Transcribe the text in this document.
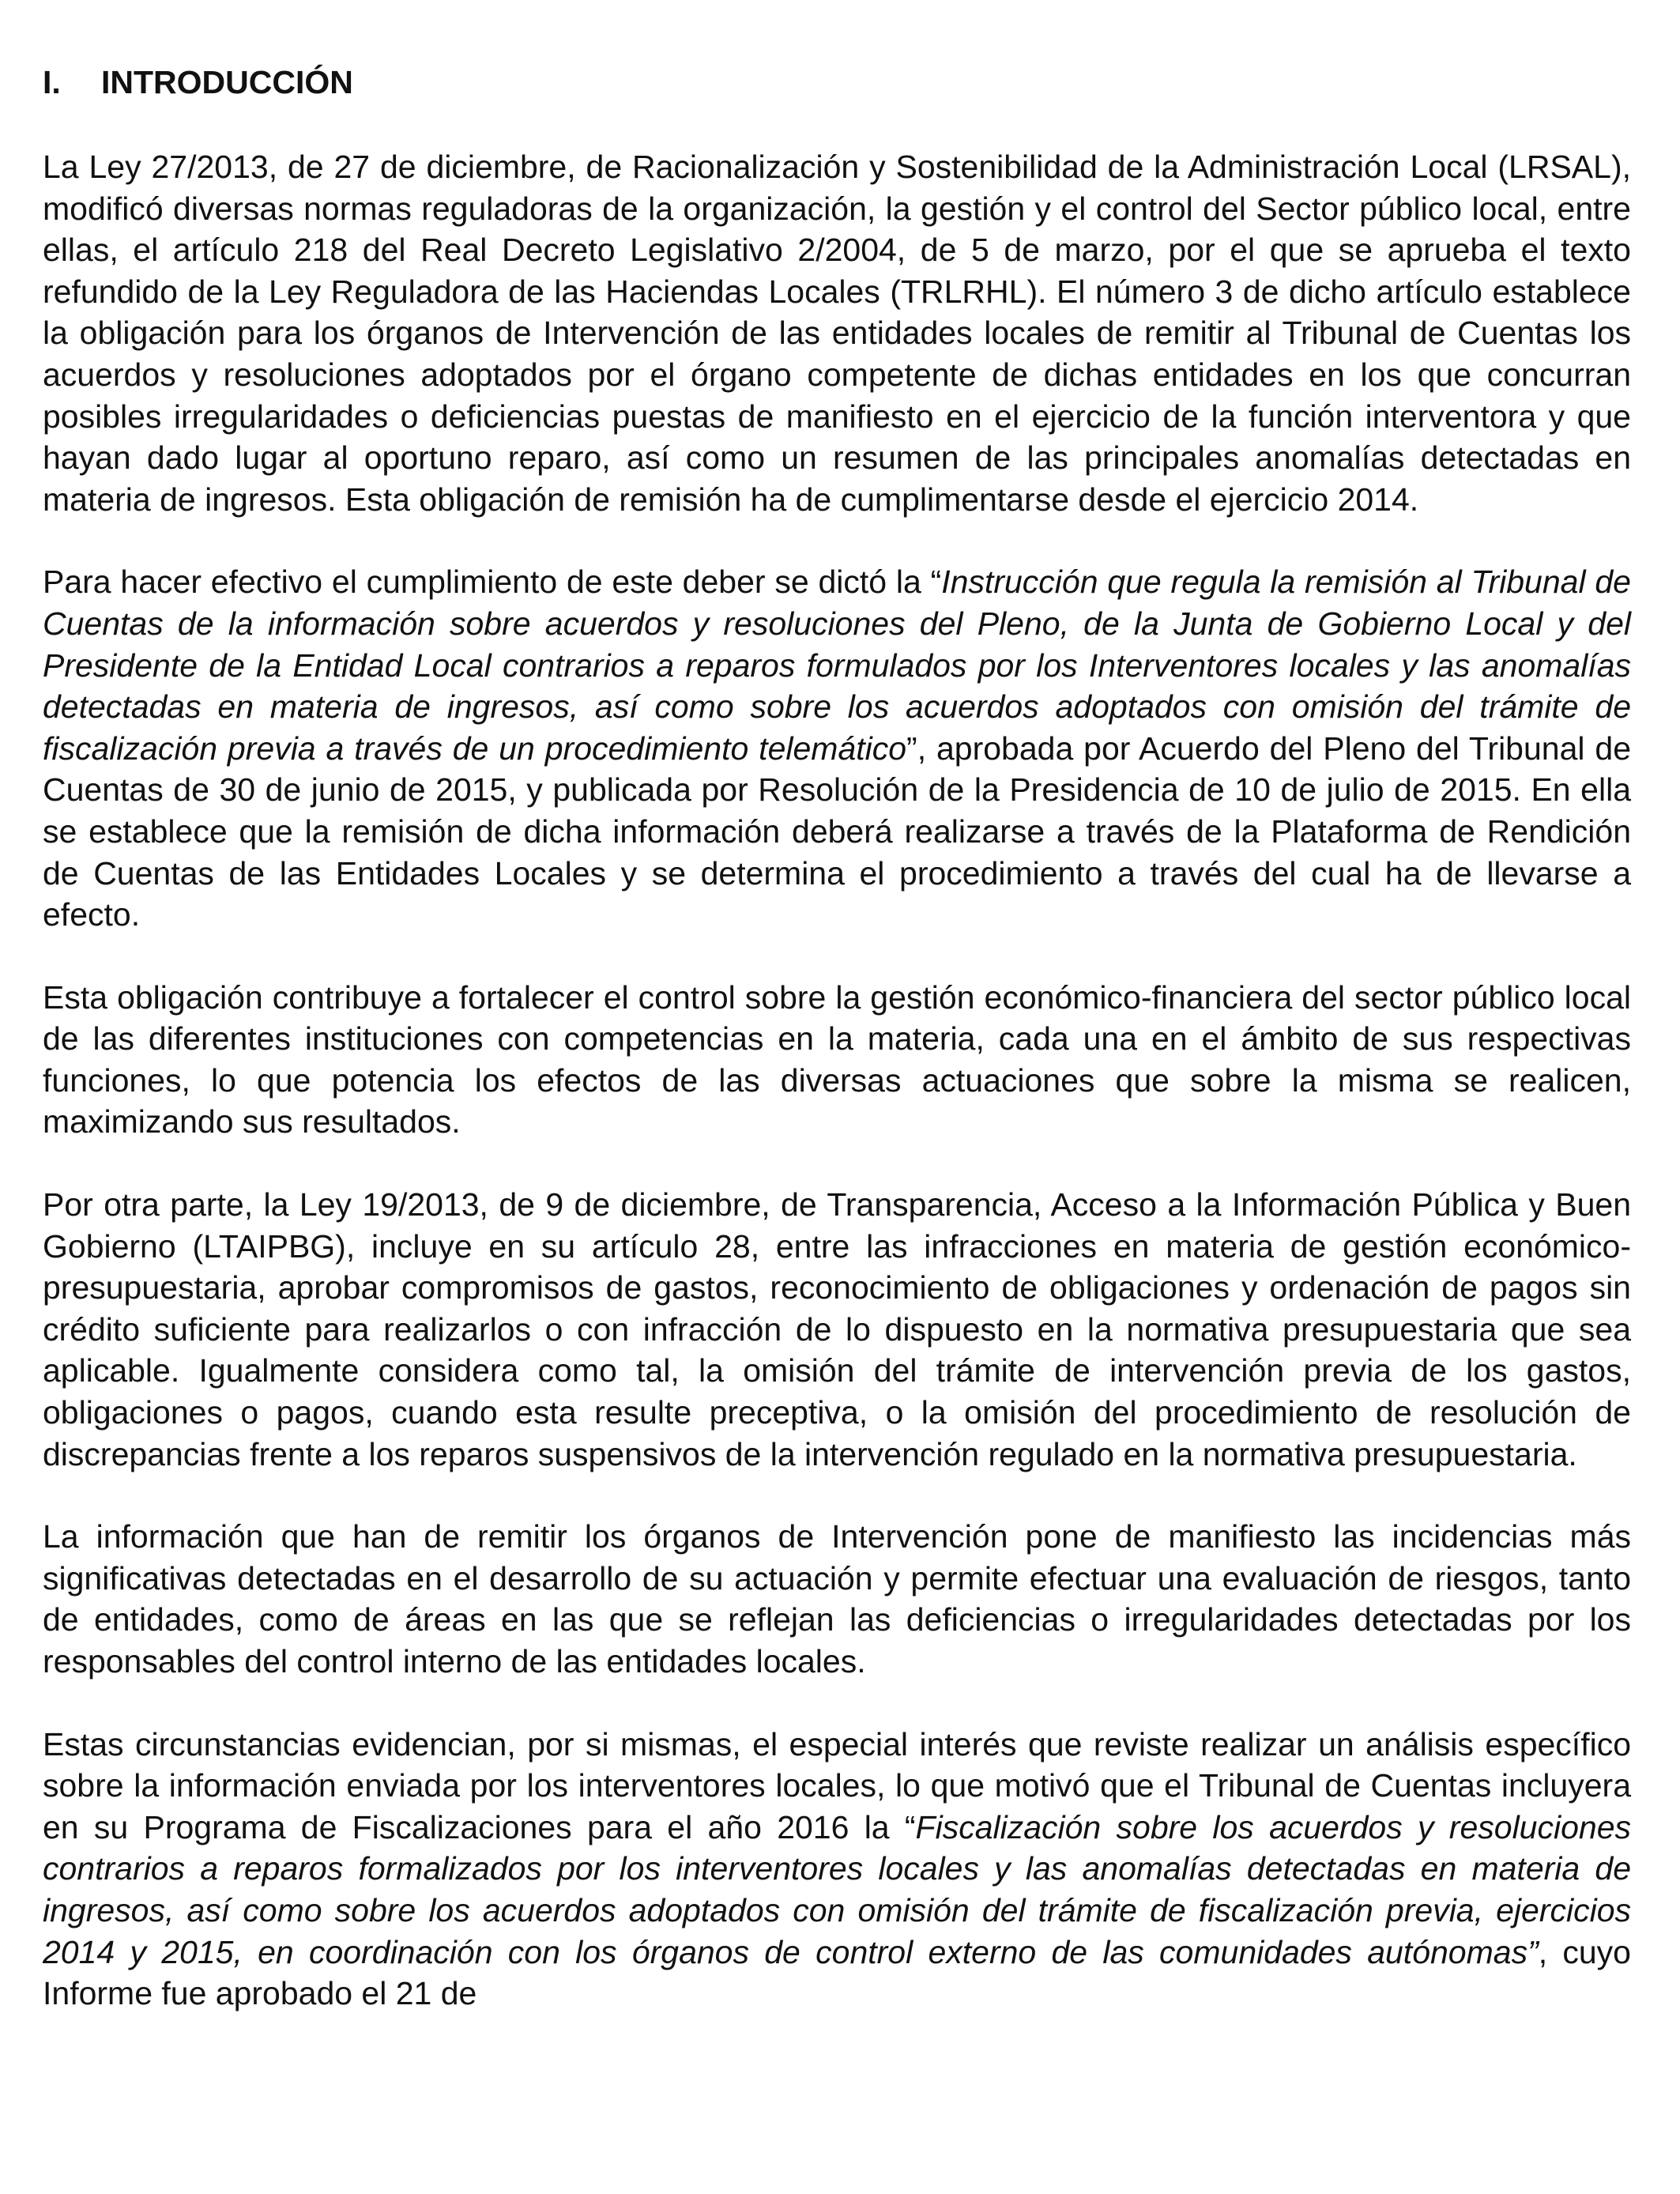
I.	INTRODUCCIÓN

La Ley 27/2013, de 27 de diciembre, de Racionalización y Sostenibilidad de la Administración Local (LRSAL), modificó diversas normas reguladoras de la organización, la gestión y el control del Sector público local, entre ellas, el artículo 218 del Real Decreto Legislativo 2/2004, de 5 de marzo, por el que se aprueba el texto refundido de la Ley Reguladora de las Haciendas Locales (TRLRHL). El número 3 de dicho artículo establece la obligación para los órganos de Intervención de las entidades locales de remitir al Tribunal de Cuentas los acuerdos y resoluciones adoptados por el órgano competente de dichas entidades en los que concurran posibles irregularidades o deficiencias puestas de manifiesto en el ejercicio de la función interventora y que hayan dado lugar al oportuno reparo, así como un resumen de las principales anomalías detectadas en materia de ingresos. Esta obligación de remisión ha de cumplimentarse desde el ejercicio 2014.

Para hacer efectivo el cumplimiento de este deber se dictó la “Instrucción que regula la remisión al Tribunal de Cuentas de la información sobre acuerdos y resoluciones del Pleno, de la Junta de Gobierno Local y del Presidente de la Entidad Local contrarios a reparos formulados por los Interventores locales y las anomalías detectadas en materia de ingresos, así como sobre los acuerdos adoptados con omisión del trámite de fiscalización previa a través de un procedimiento telemático”, aprobada por Acuerdo del Pleno del Tribunal de Cuentas de 30 de junio de 2015, y publicada por Resolución de la Presidencia de 10 de julio de 2015. En ella se establece que la remisión de dicha información deberá realizarse a través de la Plataforma de Rendición de Cuentas de las Entidades Locales y se determina el procedimiento a través del cual ha de llevarse a efecto.

Esta obligación contribuye a fortalecer el control sobre la gestión económico-financiera del sector público local de las diferentes instituciones con competencias en la materia, cada una en el ámbito de sus respectivas funciones, lo que potencia los efectos de las diversas actuaciones que sobre la misma se realicen, maximizando sus resultados.

Por otra parte, la Ley 19/2013, de 9 de diciembre, de Transparencia, Acceso a la Información Pública y Buen Gobierno (LTAIPBG), incluye en su artículo 28, entre las infracciones en materia de gestión económico-presupuestaria, aprobar compromisos de gastos, reconocimiento de obligaciones y ordenación de pagos sin crédito suficiente para realizarlos o con infracción de lo dispuesto en la normativa presupuestaria que sea aplicable. Igualmente considera como tal, la omisión del trámite de intervención previa de los gastos, obligaciones o pagos, cuando esta resulte preceptiva, o la omisión del procedimiento de resolución de discrepancias frente a los reparos suspensivos de la intervención regulado en la normativa presupuestaria.

La información que han de remitir los órganos de Intervención pone de manifiesto las incidencias más significativas detectadas en el desarrollo de su actuación y permite efectuar una evaluación de riesgos, tanto de entidades, como de áreas en las que se reflejan las deficiencias o irregularidades detectadas por los responsables del control interno de las entidades locales.

Estas circunstancias evidencian, por si mismas, el especial interés que reviste realizar un análisis específico sobre la información enviada por los interventores locales, lo que motivó que el Tribunal de Cuentas incluyera en su Programa de Fiscalizaciones para el año 2016 la “Fiscalización sobre los acuerdos y resoluciones contrarios a reparos formalizados por los interventores locales y las anomalías detectadas en materia de ingresos, así como sobre los acuerdos adoptados con omisión del trámite de fiscalización previa, ejercicios 2014 y 2015, en coordinación con los órganos de control externo de las comunidades autónomas”, cuyo Informe fue aprobado el 21 de
